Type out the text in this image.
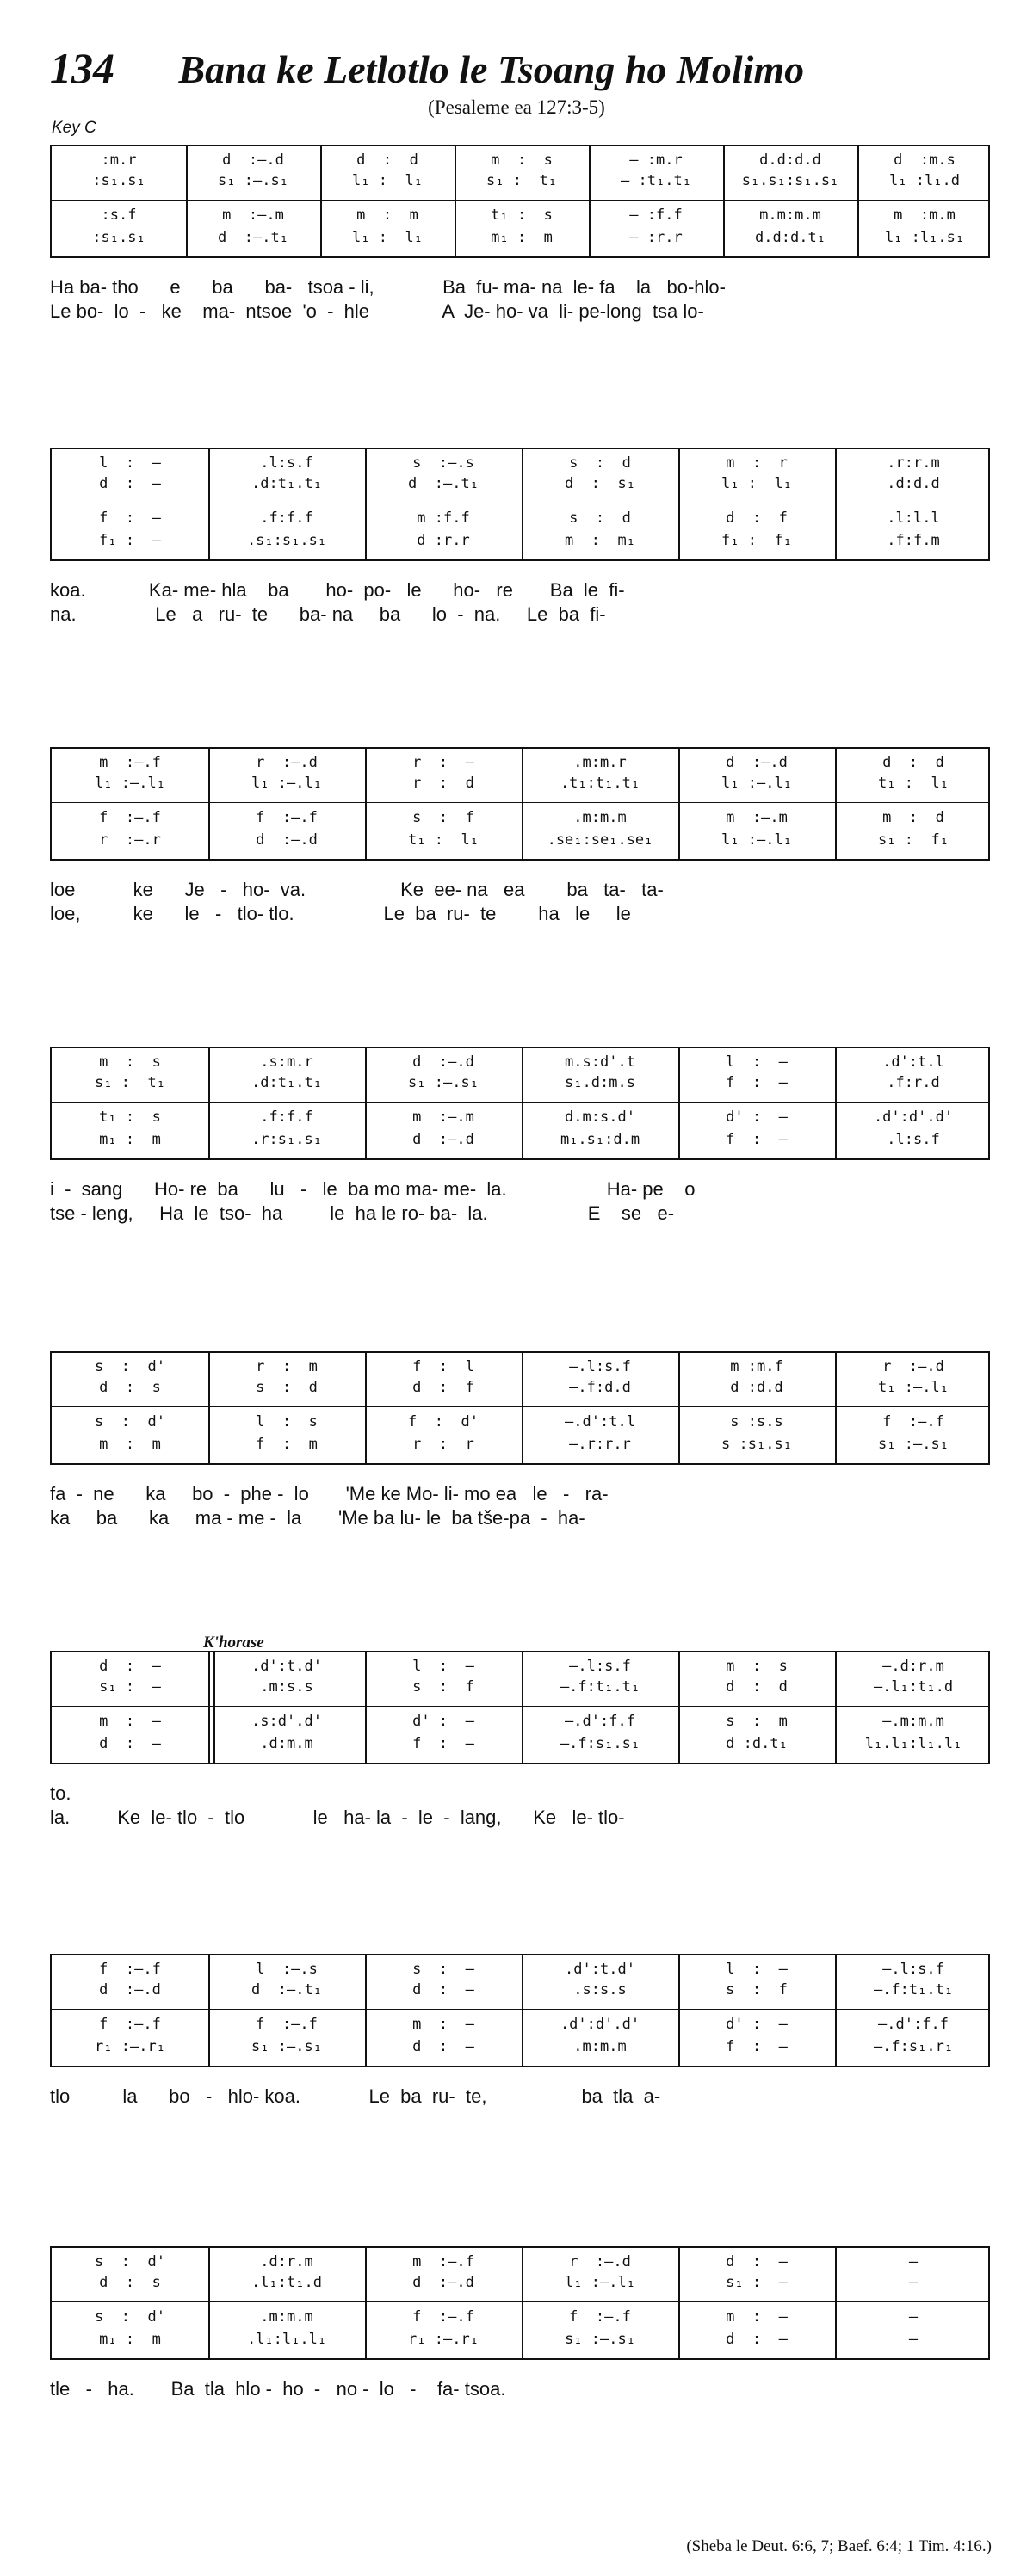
134 Bana ke Letlotlo le Tsoang ho Molimo
(Pesaleme ea 127:3-5)
Key C
K'horase
:m.r	d  :–.d	d  :  d	m  :  s	— :m.r	d.d:d.d	d  :m.s
:s₁.s₁	s₁ :–.s₁	l₁ :  l₁	s₁ :  t₁	— :t₁.t₁	s₁.s₁:s₁.s₁	l₁ :l₁.d
:s.f	m  :–.m	m  :  m	t₁ :  s	— :f.f	m.m:m.m	m  :m.m
:s₁.s₁	d  :–.t₁	l₁ :  l₁	m₁ :  m	— :r.r	d.d:d.t₁	l₁ :l₁.s₁
Ha ba- tho      e      ba      ba-   tsoa - li,             Ba  fu- ma- na  le- fa    la   bo-hlo-
Le bo-  lo  -   ke    ma-  ntsoe  'o  -  hle              A  Je- ho- va  li- pe-long  tsa lo-
l  :  —	.l:s.f	s  :–.s	s  :  d	m  :  r	.r:r.m
d  :  —	.d:t₁.t₁	d  :–.t₁	d  :  s₁	l₁ :  l₁	.d:d.d
f  :  —	.f:f.f	m :f.f	s  :  d	d  :  f	.l:l.l
f₁ :  —	.s₁:s₁.s₁	d :r.r	m  :  m₁	f₁ :  f₁	.f:f.m
koa.            Ka- me- hla    ba       ho-  po-   le      ho-   re       Ba  le  fi-
na.               Le   a   ru-  te      ba- na     ba      lo  -  na.     Le  ba  fi-
m  :–.f	r  :–.d	r  :  —	.m:m.r	d  :–.d	d  :  d
l₁ :–.l₁	l₁ :–.l₁	r  :  d	.t₁:t₁.t₁	l₁ :–.l₁	t₁ :  l₁
f  :–.f	f  :–.f	s  :  f	.m:m.m	m  :–.m	m  :  d
r  :–.r	d  :–.d	t₁ :  l₁	.se₁:se₁.se₁	l₁ :–.l₁	s₁ :  f₁
loe           ke      Je   -   ho-  va.                  Ke  ee- na   ea        ba   ta-   ta-
loe,          ke      le   -   tlo- tlo.                 Le  ba  ru-  te        ha   le     le
m  :  s	.s:m.r	d  :–.d	m.s:d'.t	l  :  —	.d':t.l
s₁ :  t₁	.d:t₁.t₁	s₁ :–.s₁	s₁.d:m.s	f  :  —	.f:r.d
t₁ :  s	.f:f.f	m  :–.m	d.m:s.d'	d' :  —	.d':d'.d'
m₁ :  m	.r:s₁.s₁	d  :–.d	m₁.s₁:d.m	f  :  —	.l:s.f
i  -  sang      Ho- re  ba      lu   -   le  ba mo ma- me-  la.                   Ha- pe    o
tse - leng,     Ha  le  tso-  ha         le  ha le ro- ba-  la.                   E    se   e-
s  :  d'	r  :  m	f  :  l	–.l:s.f	m :m.f	r  :–.d
d  :  s	s  :  d	d  :  f	–.f:d.d	d :d.d	t₁ :–.l₁
s  :  d'	l  :  s	f  :  d'	–.d':t.l	s :s.s	f  :–.f
m  :  m	f  :  m	r  :  r	–.r:r.r	s :s₁.s₁	s₁ :–.s₁
fa  -  ne      ka     bo  -  phe -  lo       'Me ke Mo- li- mo ea   le   -   ra-
ka     ba      ka     ma - me -  la       'Me ba lu- le  ba tše-pa  -  ha-
d  :  —	.d':t.d'	l  :  —	–.l:s.f	m  :  s	–.d:r.m
s₁ :  —	.m:s.s	s  :  f	–.f:t₁.t₁	d  :  d	–.l₁:t₁.d
m  :  —	.s:d'.d'	d' :  —	–.d':f.f	s  :  m	–.m:m.m
d  :  —	.d:m.m	f  :  —	–.f:s₁.s₁	d :d.t₁	l₁.l₁:l₁.l₁
to.
la.         Ke  le- tlo  -  tlo             le   ha- la  -  le  -  lang,      Ke   le- tlo-
f  :–.f	l  :–.s	s  :  —	.d':t.d'	l  :  —	–.l:s.f
d  :–.d	d  :–.t₁	d  :  —	.s:s.s	s  :  f	–.f:t₁.t₁
f  :–.f	f  :–.f	m  :  —	.d':d'.d'	d' :  —	–.d':f.f
r₁ :–.r₁	s₁ :–.s₁	d  :  —	.m:m.m	f  :  —	–.f:s₁.r₁
tlo          la      bo   -   hlo- koa.             Le  ba  ru-  te,                  ba  tla  a-
s  :  d'	.d:r.m	m  :–.f	r  :–.d	d  :  —	—
d  :  s	.l₁:t₁.d	d  :–.d	l₁ :–.l₁	s₁ :  —	—
s  :  d'	.m:m.m	f  :–.f	f  :–.f	m  :  —	—
m₁ :  m	.l₁:l₁.l₁	r₁ :–.r₁	s₁ :–.s₁	d  :  —	—
tle   -   ha.       Ba  tla  hlo -  ho  -   no -  lo   -    fa- tsoa.
(Sheba le Deut. 6:6, 7; Baef. 6:4; 1 Tim. 4:16.)
